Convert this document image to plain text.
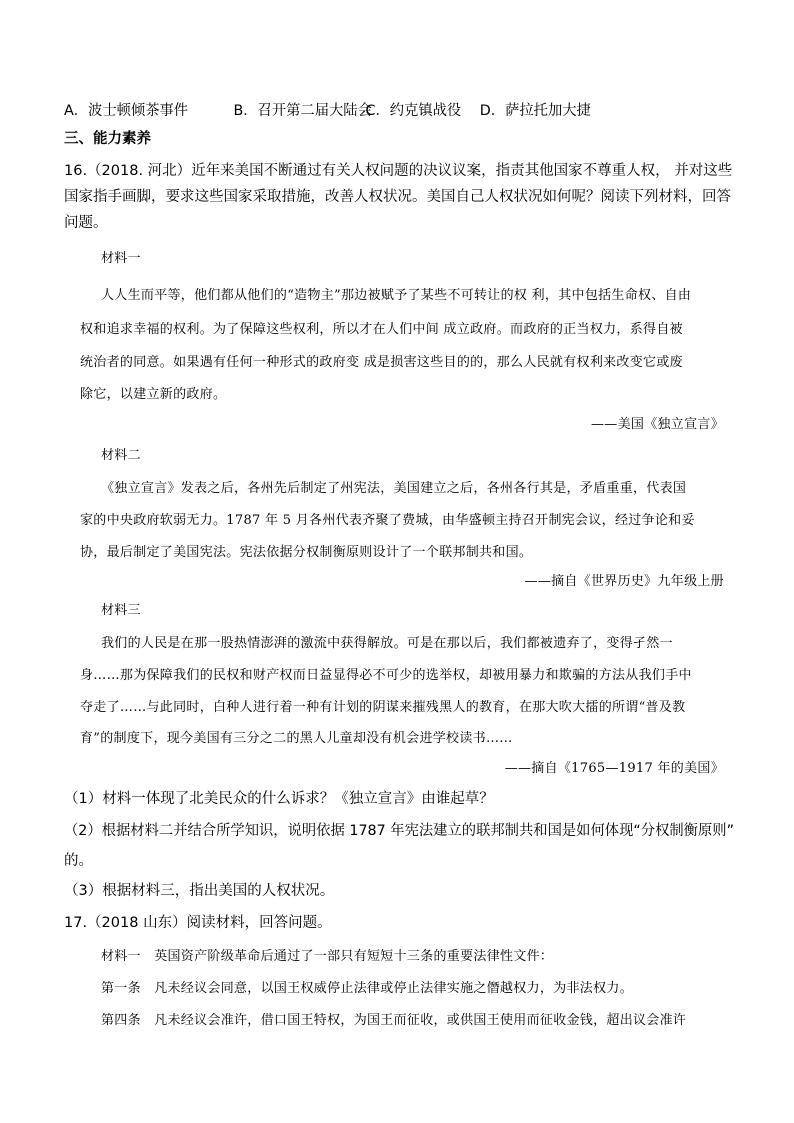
A．波士顿倾茶事件	B．召开第二届大陆会
C．约克镇战役 D．萨拉托加大捷
三、能力素养
16.（2018. 河北）近年来美国不断通过有关人权问题的决议议案，指责其他国家不尊重人权， 并对这些
国家指手画脚，要求这些国家采取措施，改善人权状况。美国自己人权状况如何呢？阅读下列材料，回答
问题。
材料一
人人生而平等，他们都从他们的“造物主”那边被赋予了某些不可转让的权 利，其中包括生命权、自由
权和追求幸福的权利。为了保障这些权利，所以才在人们中间 成立政府。而政府的正当权力，系得自被
统治者的同意。如果遇有任何一种形式的政府变 成是损害这些目的的，那么人民就有权利来改变它或废
除它，以建立新的政府。
——美国《独立宣言》
材料二
《独立宣言》发表之后，各州先后制定了州宪法，美国建立之后，各州各行其是，矛盾重重，代表国
家的中央政府软弱无力。1787 年 5 月各州代表齐聚了费城，由华盛顿主持召开制宪会议，经过争论和妥
协，最后制定了美国宪法。宪法依据分权制衡原则设计了一个联邦制共和国。
——摘自《世界历史》九年级上册
材料三
我们的人民是在那一股热情澎湃的激流中获得解放。可是在那以后，我们都被遗弃了，变得孑然一
身……那为保障我们的民权和财产权而日益显得必不可少的选举权，却被用暴力和欺骗的方法从我们手中
夺走了……与此同时，白种人进行着一种有计划的阴谋来摧残黑人的教育，在那大吹大擂的所谓“普及教
育”的制度下，现今美国有三分之二的黑人儿童却没有机会进学校读书……
——摘自《1765—1917 年的美国》
（1）材料一体现了北美民众的什么诉求？《独立宣言》由谁起草？
（2）根据材料二并结合所学知识，说明依据 1787 年宪法建立的联邦制共和国是如何体现“分权制衡原则”
的。
（3）根据材料三，指出美国的人权状况。
17.（2018 山东）阅读材料，回答问题。
材料一　英国资产阶级革命后通过了一部只有短短十三条的重要法律性文件：
第一条　凡未经议会同意，以国王权威停止法律或停止法律实施之僭越权力，为非法权力。
第四条　凡未经议会准许，借口国王特权，为国王而征收，或供国王使用而征收金钱，超出议会准许
